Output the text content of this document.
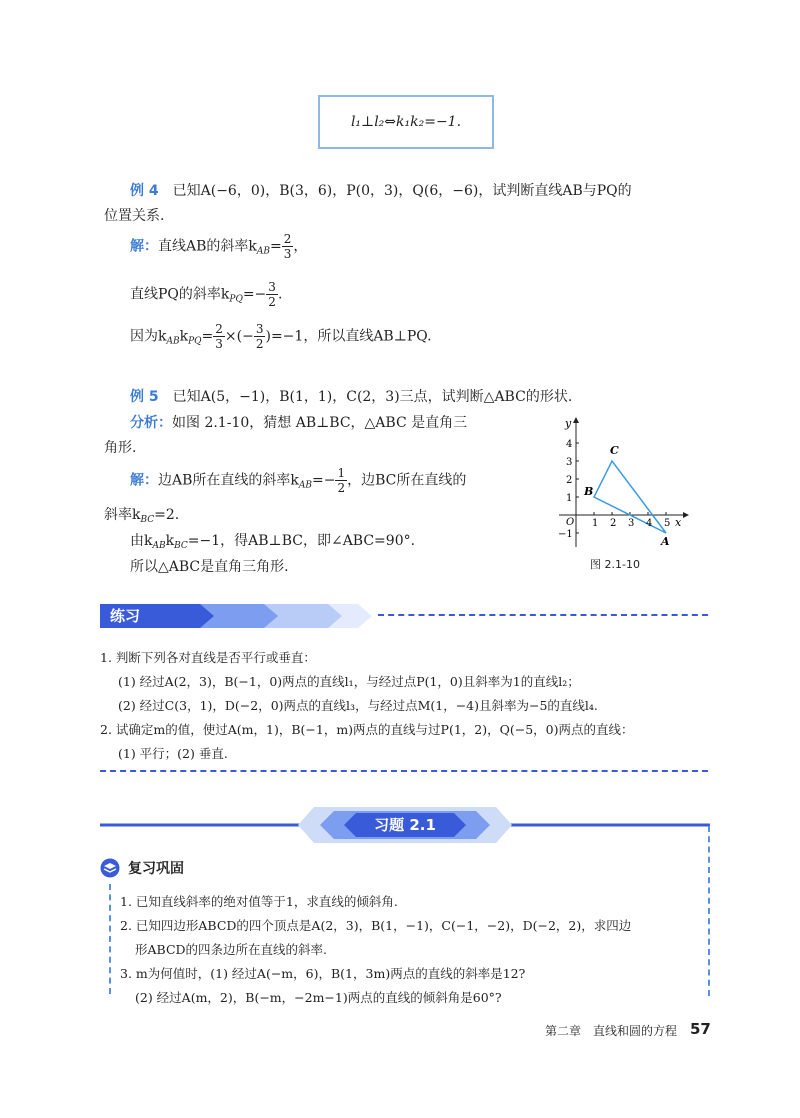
l₁⊥l₂⇔k₁k₂=−1.
例 4　 已知A(−6，0)，B(3，6)，P(0，3)，Q(6，−6)，试判断直线AB与PQ的
位置关系.
解：直线AB的斜率$k_{AB}= \frac{2}{3}$ ，
直线PQ的斜率$k_{PQ}=- \frac{3}{2}$ .
因为$k_{AB}k_{PQ}= \frac{2}{3}$ ×(− $\frac{3}{2} )=-1$，所以直线AB⊥PQ.
例 5　 已知A(5，−1)，B(1，1)，C(2，3)三点，试判断△ABC的形状.
分析：如图 2.1-10，猜想 AB⊥BC，△ABC 是直角三
角形.
解：边AB所在直线的斜率$k_{AB}=- \frac{1}{2}$ ，边BC所在直线的
斜率$k_{BC}=2$.
由$k_{AB}k_{BC}=-1$，得AB⊥BC，即∠ABC=90°.
所以△ABC是直角三角形.
1 2 3 4 5
1
2
3
4
−1
x
y
O
A
B
C
图 2.1-10
练习
1. 判断下列各对直线是否平行或垂直：
(1) 经过A(2，3)，B(−1，0)两点的直线l₁，与经过点P(1，0)且斜率为1的直线l₂；
(2) 经过C(3，1)，D(−2，0)两点的直线l₃，与经过点M(1，−4)且斜率为−5的直线l₄.
2. 试确定m的值，使过A(m，1)，B(−1，m)两点的直线与过P(1，2)，Q(−5，0)两点的直线：
(1) 平行；(2) 垂直.
习题 2.1
复习巩固
1. 已知直线斜率的绝对值等于1，求直线的倾斜角.
2. 已知四边形ABCD的四个顶点是A(2，3)，B(1，−1)，C(−1，−2)，D(−2，2)，求四边
形ABCD的四条边所在直线的斜率.
3. m为何值时，(1) 经过A(−m，6)，B(1，3m)两点的直线的斜率是12?
(2) 经过A(m，2)，B(−m，−2m−1)两点的直线的倾斜角是60°?
第二章　直线和圆的方程 57
